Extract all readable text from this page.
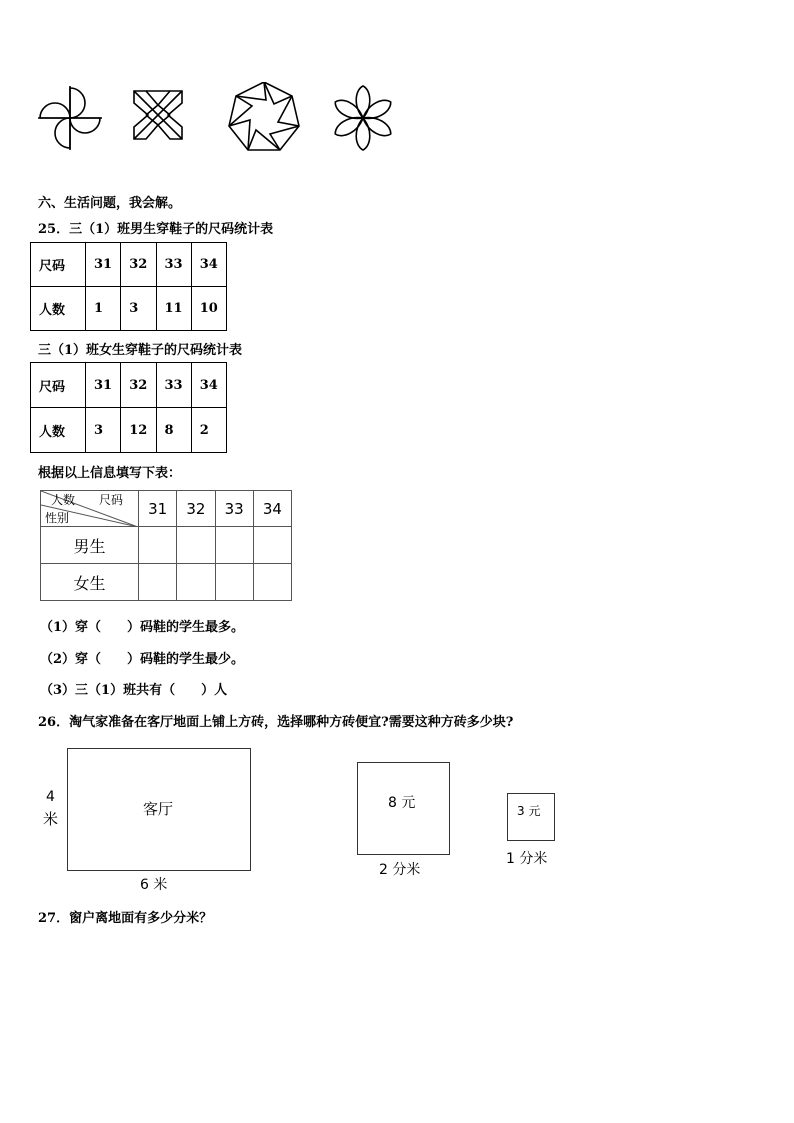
六、生活问题，我会解。
25．三（1）班男生穿鞋子的尺码统计表
尺码	31	32	33	34
人数	1	3	11	10
三（1）班女生穿鞋子的尺码统计表
尺码	31	32	33	34
人数	3	12	8	2
根据以上信息填写下表：
人数 尺码
性别	31	32	33	34
男生				
女生				
（1）穿（　　）码鞋的学生最多。
（2）穿（　　）码鞋的学生最少。
（3）三（1）班共有（　　）人
26．淘气家准备在客厅地面上铺上方砖，选择哪种方砖便宜?需要这种方砖多少块?
客厅
4
米
6 米
8 元
2 分米
3 元
1 分米
27．窗户离地面有多少分米？
